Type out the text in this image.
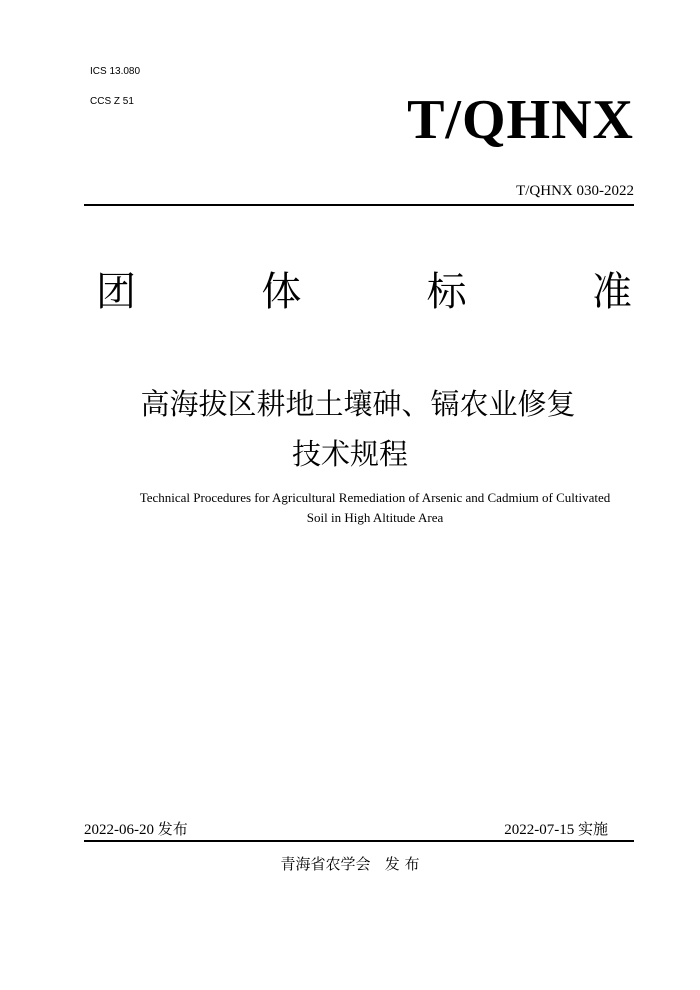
ICS 13.080
CCS Z 51	T/QHNX
T/QHNX 030-2022
团	体	标	准
高海拔区耕地土壤砷、镉农业修复
技术规程
Technical Procedures for Agricultural Remediation of Arsenic and Cadmium of Cultivated
Soil in High Altitude Area
2022-06-20 发布	2022-07-15 实施
青海省农学会 发 布
